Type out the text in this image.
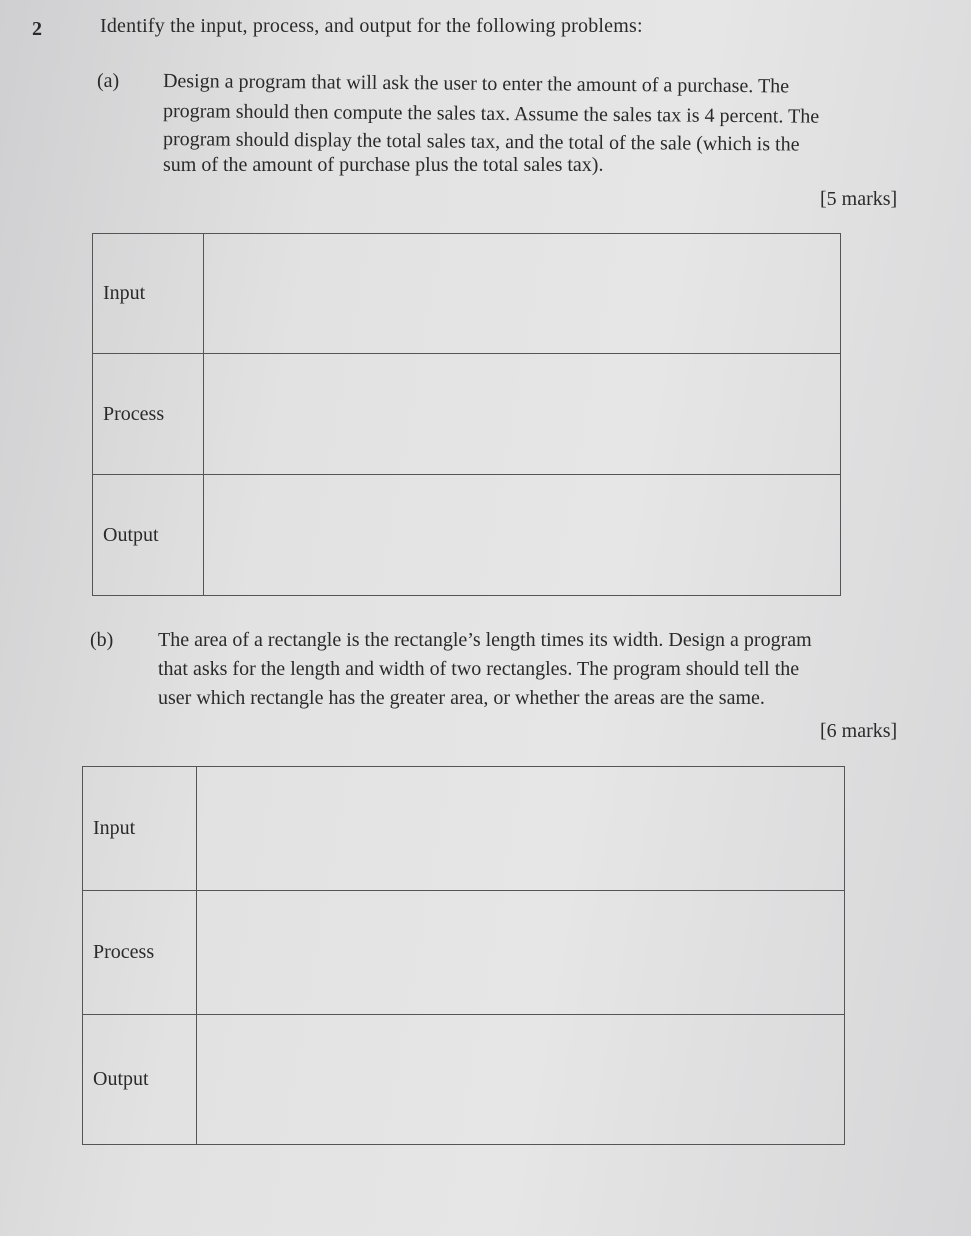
2	Identify the input, process, and output for the following problems:
(a) Design a program that will ask the user to enter the amount of a purchase. The
program should then compute the sales tax. Assume the sales tax is 4 percent. The
program should display the total sales tax, and the total of the sale (which is the
sum of the amount of purchase plus the total sales tax).
[5 marks]
Input	
Process	
Output	
(b) The area of a rectangle is the rectangle’s length times its width. Design a program
that asks for the length and width of two rectangles. The program should tell the
user which rectangle has the greater area, or whether the areas are the same.
[6 marks]
Input	
Process	
Output	
